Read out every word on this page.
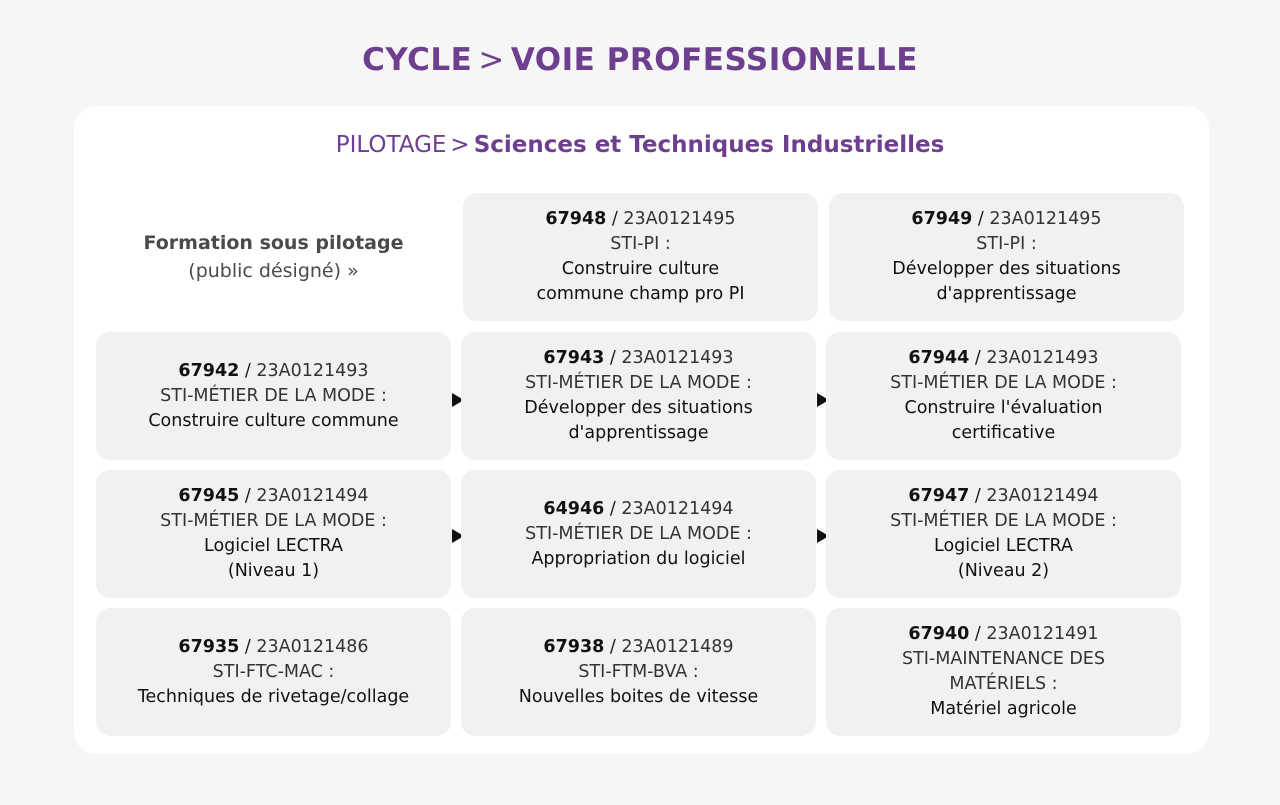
CYCLE > VOIE PROFESSIONELLE
PILOTAGE > Sciences et Techniques Industrielles
Formation sous pilotage
(public désigné) »
67948 / 23A0121495
STI-PI :
Construire culture
commune champ pro PI
67949 / 23A0121495
STI-PI :
Développer des situations
d'apprentissage
67942 / 23A0121493
STI-MÉTIER DE LA MODE :
Construire culture commune
67943 / 23A0121493
STI-MÉTIER DE LA MODE :
Développer des situations
d'apprentissage
67944 / 23A0121493
STI-MÉTIER DE LA MODE :
Construire l'évaluation
certificative
67945 / 23A0121494
STI-MÉTIER DE LA MODE :
Logiciel LECTRA
(Niveau 1)
64946 / 23A0121494
STI-MÉTIER DE LA MODE :
Appropriation du logiciel
67947 / 23A0121494
STI-MÉTIER DE LA MODE :
Logiciel LECTRA
(Niveau 2)
67935 / 23A0121486
STI-FTC-MAC :
Techniques de rivetage/collage
67938 / 23A0121489
STI-FTM-BVA :
Nouvelles boites de vitesse
67940 / 23A0121491
STI-MAINTENANCE DES
MATÉRIELS :
Matériel agricole
